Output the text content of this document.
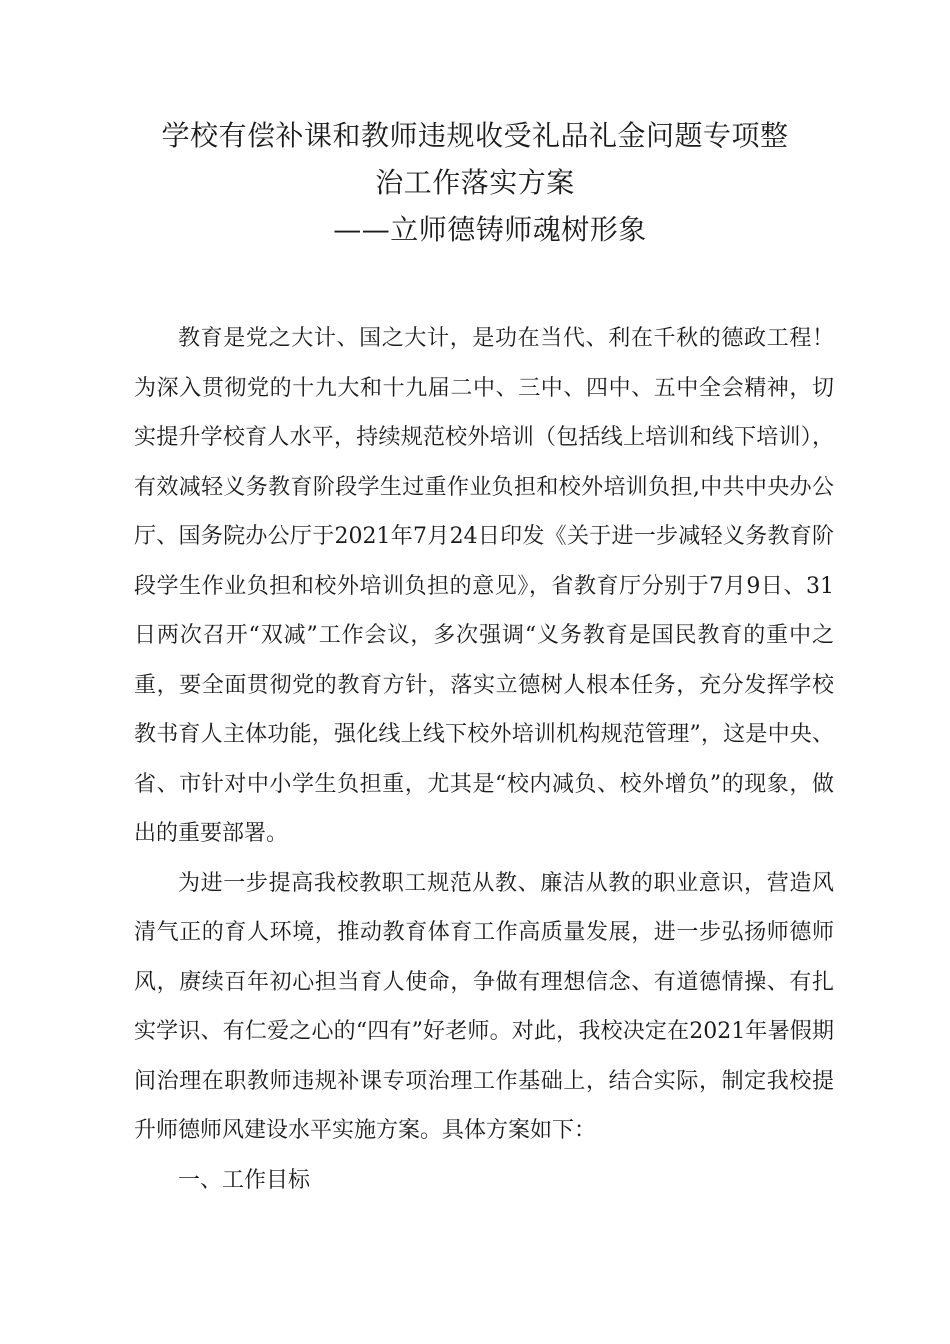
学校有偿补课和教师违规收受礼品礼金问题专项整

治工作落实方案

——立师德铸师魂树形象

教育是党之大计、国之大计，是功在当代、利在千秋的德政工程！为深入贯彻党的十九大和十九届二中、三中、四中、五中全会精神，切实提升学校育人水平，持续规范校外培训（包括线上培训和线下培训），有效减轻义务教育阶段学生过重作业负担和校外培训负担,中共中央办公厅、国务院办公厅于2021年7月24日印发《关于进一步减轻义务教育阶段学生作业负担和校外培训负担的意见》，省教育厅分别于7月9日、31日两次召开“双减”工作会议，多次强调“义务教育是国民教育的重中之重，要全面贯彻党的教育方针，落实立德树人根本任务，充分发挥学校教书育人主体功能，强化线上线下校外培训机构规范管理”，这是中央、省、市针对中小学生负担重，尤其是“校内减负、校外增负”的现象，做出的重要部署。

为进一步提高我校教职工规范从教、廉洁从教的职业意识，营造风清气正的育人环境，推动教育体育工作高质量发展，进一步弘扬师德师风，赓续百年初心担当育人使命，争做有理想信念、有道德情操、有扎实学识、有仁爱之心的“四有”好老师。对此，我校决定在2021年暑假期间治理在职教师违规补课专项治理工作基础上，结合实际，制定我校提升师德师风建设水平实施方案。具体方案如下：

一、工作目标
